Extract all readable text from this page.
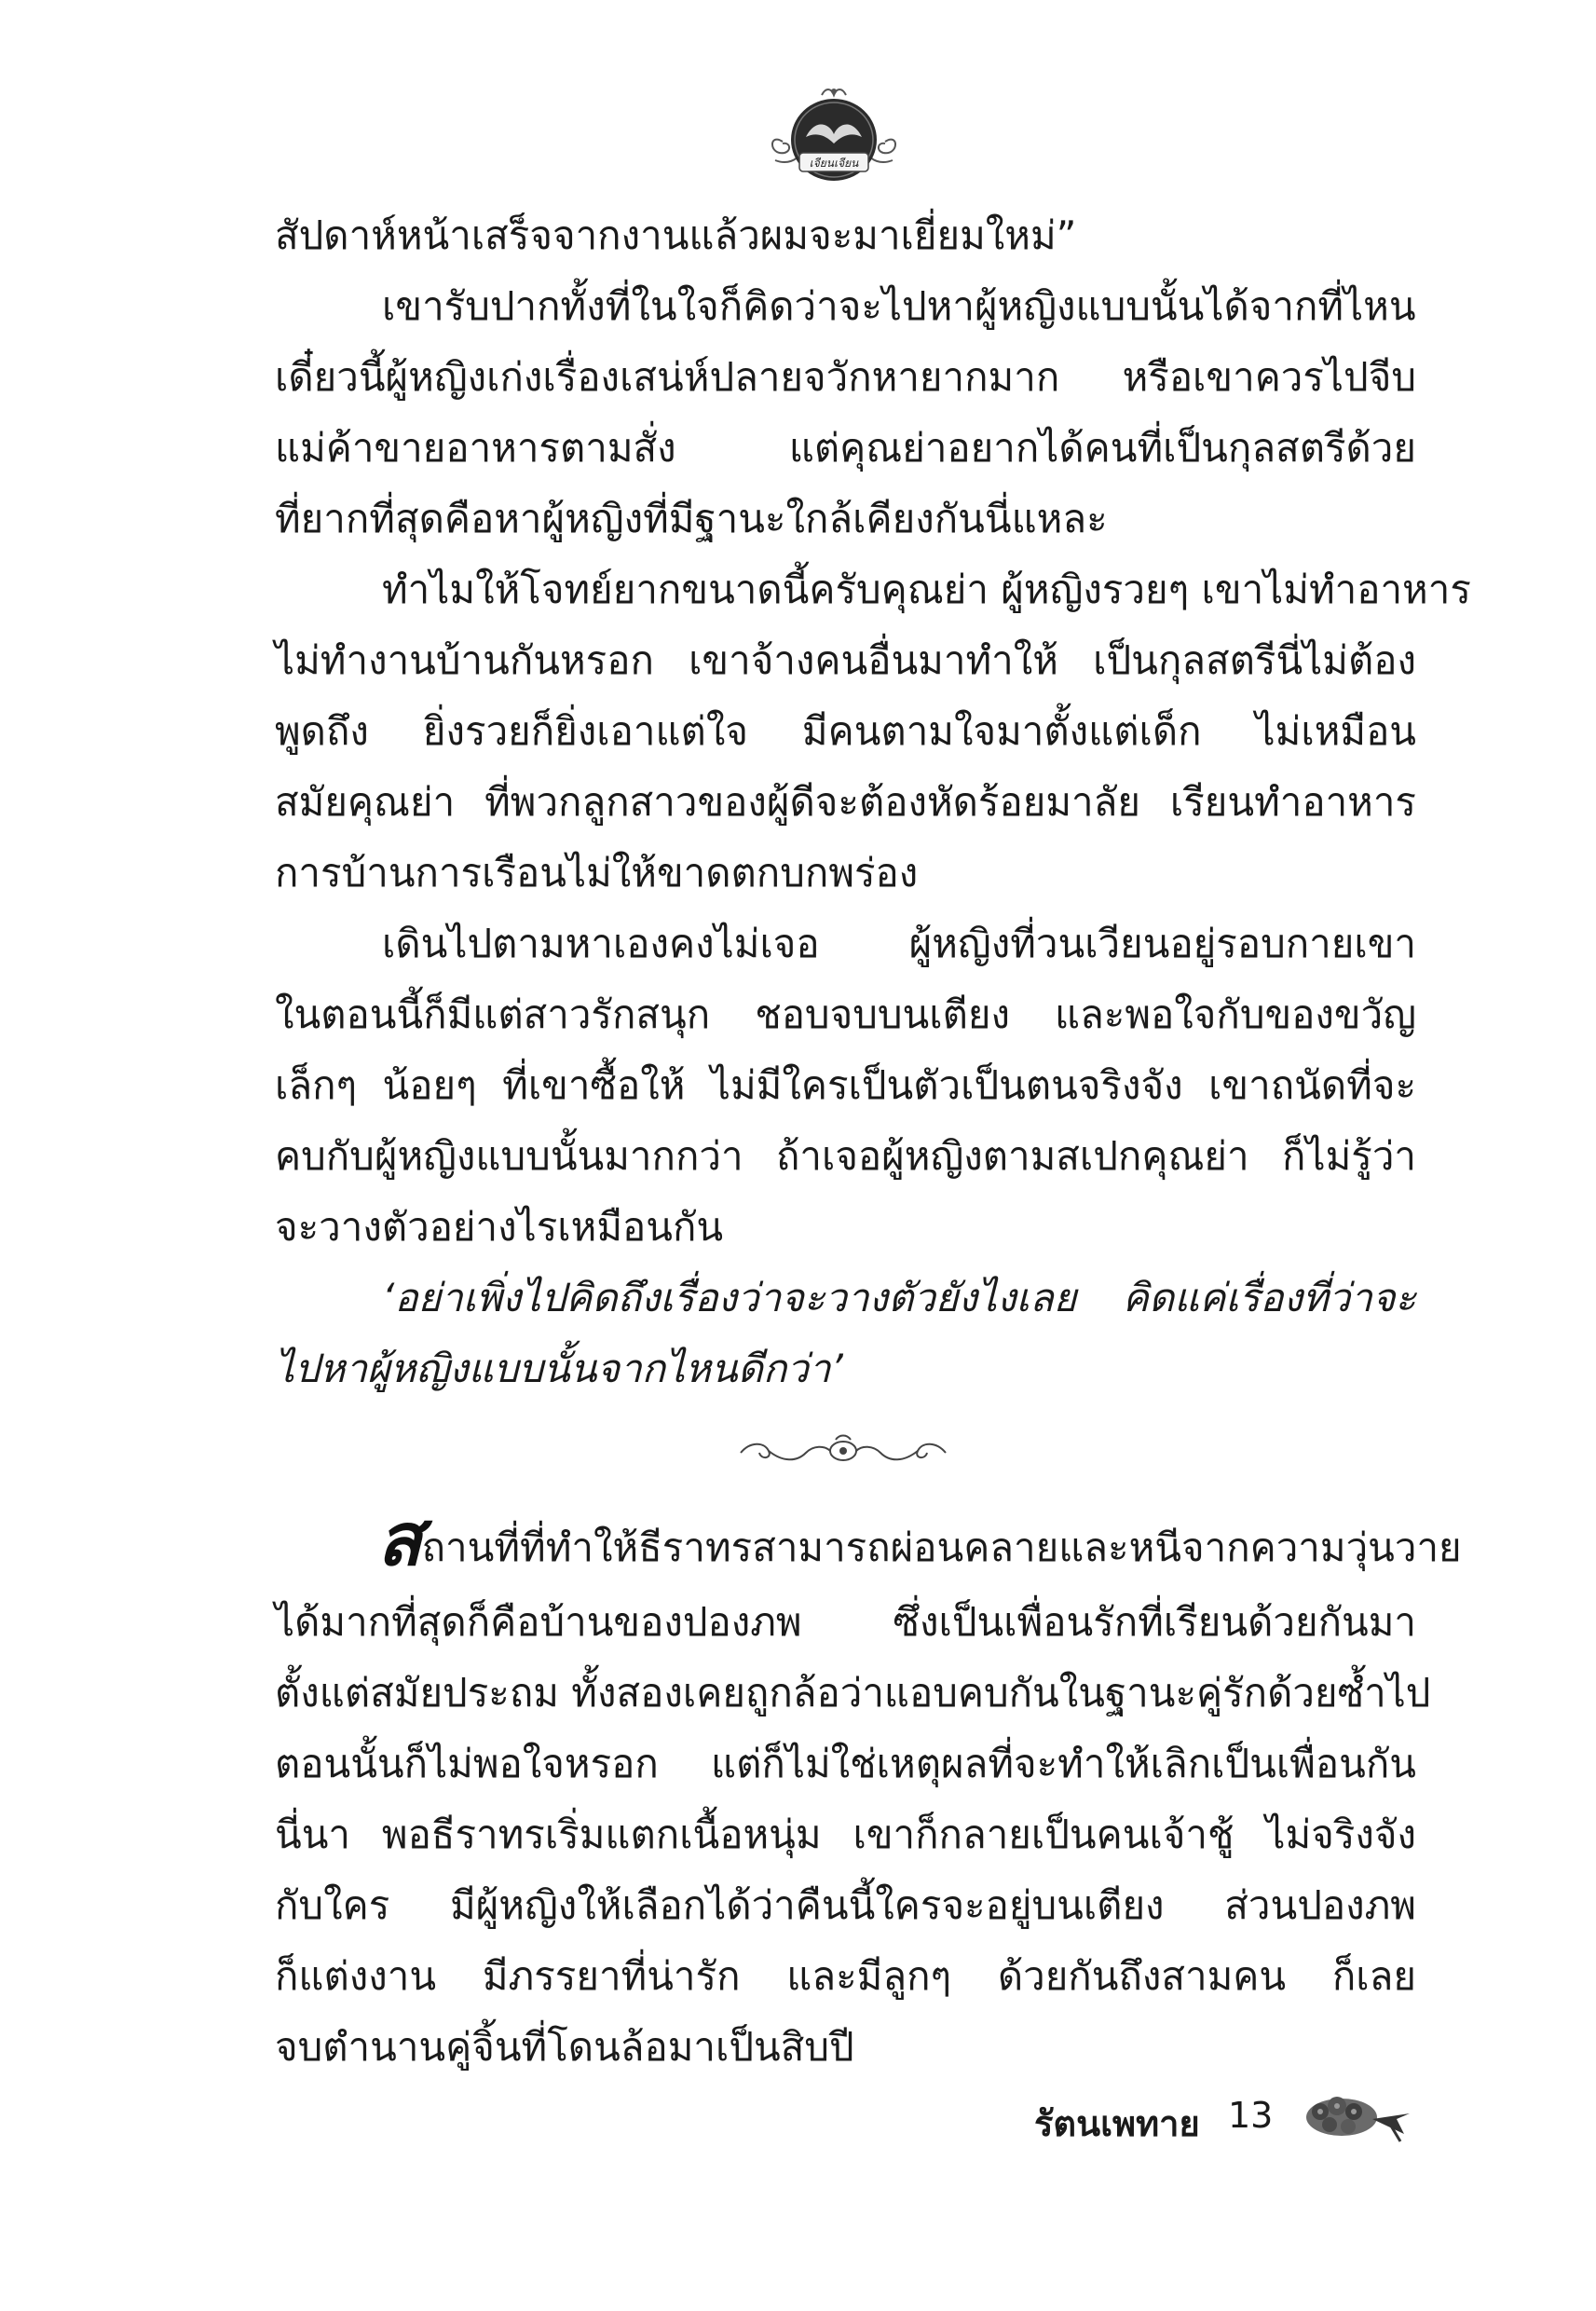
เจียนเจียน
สัปดาห์หน้าเสร็จจากงานแล้วผมจะมาเยี่ยมใหม่”
เขารับปากทั้งที่ในใจก็คิดว่าจะไปหาผู้หญิงแบบนั้นได้จากที่ไหน
เดี๋ยวนี้ผู้หญิงเก่งเรื่องเสน่ห์ปลายจวักหายากมาก หรือเขาควรไปจีบ
แม่ค้าขายอาหารตามสั่ง แต่คุณย่าอยากได้คนที่เป็นกุลสตรีด้วย
ที่ยากที่สุดคือหาผู้หญิงที่มีฐานะใกล้เคียงกันนี่แหละ
ทำไมให้โจทย์ยากขนาดนี้ครับคุณย่า ผู้หญิงรวยๆ เขาไม่ทำอาหาร
ไม่ทำงานบ้านกันหรอก เขาจ้างคนอื่นมาทำให้ เป็นกุลสตรีนี่ไม่ต้อง
พูดถึง ยิ่งรวยก็ยิ่งเอาแต่ใจ มีคนตามใจมาตั้งแต่เด็ก ไม่เหมือน
สมัยคุณย่า ที่พวกลูกสาวของผู้ดีจะต้องหัดร้อยมาลัย เรียนทำอาหาร
การบ้านการเรือนไม่ให้ขาดตกบกพร่อง
เดินไปตามหาเองคงไม่เจอ ผู้หญิงที่วนเวียนอยู่รอบกายเขา
ในตอนนี้ก็มีแต่สาวรักสนุก ชอบจบบนเตียง และพอใจกับของขวัญ
เล็กๆ น้อยๆ ที่เขาซื้อให้ ไม่มีใครเป็นตัวเป็นตนจริงจัง เขาถนัดที่จะ
คบกับผู้หญิงแบบนั้นมากกว่า ถ้าเจอผู้หญิงตามสเปกคุณย่า ก็ไม่รู้ว่า
จะวางตัวอย่างไรเหมือนกัน
‘อย่าเพิ่งไปคิดถึงเรื่องว่าจะวางตัวยังไงเลย คิดแค่เรื่องที่ว่าจะ
ไปหาผู้หญิงแบบนั้นจากไหนดีกว่า’
สถานที่ที่ทำให้ธีราทรสามารถผ่อนคลายและหนีจากความวุ่นวาย
ได้มากที่สุดก็คือบ้านของปองภพ ซึ่งเป็นเพื่อนรักที่เรียนด้วยกันมา
ตั้งแต่สมัยประถม ทั้งสองเคยถูกล้อว่าแอบคบกันในฐานะคู่รักด้วยซ้ำไป
ตอนนั้นก็ไม่พอใจหรอก แต่ก็ไม่ใช่เหตุผลที่จะทำให้เลิกเป็นเพื่อนกัน
นี่นา พอธีราทรเริ่มแตกเนื้อหนุ่ม เขาก็กลายเป็นคนเจ้าชู้ ไม่จริงจัง
กับใคร มีผู้หญิงให้เลือกได้ว่าคืนนี้ใครจะอยู่บนเตียง ส่วนปองภพ
ก็แต่งงาน มีภรรยาที่น่ารัก และมีลูกๆ ด้วยกันถึงสามคน ก็เลย
จบตำนานคู่จิ้นที่โดนล้อมาเป็นสิบปี
รัตนเพทาย 13
